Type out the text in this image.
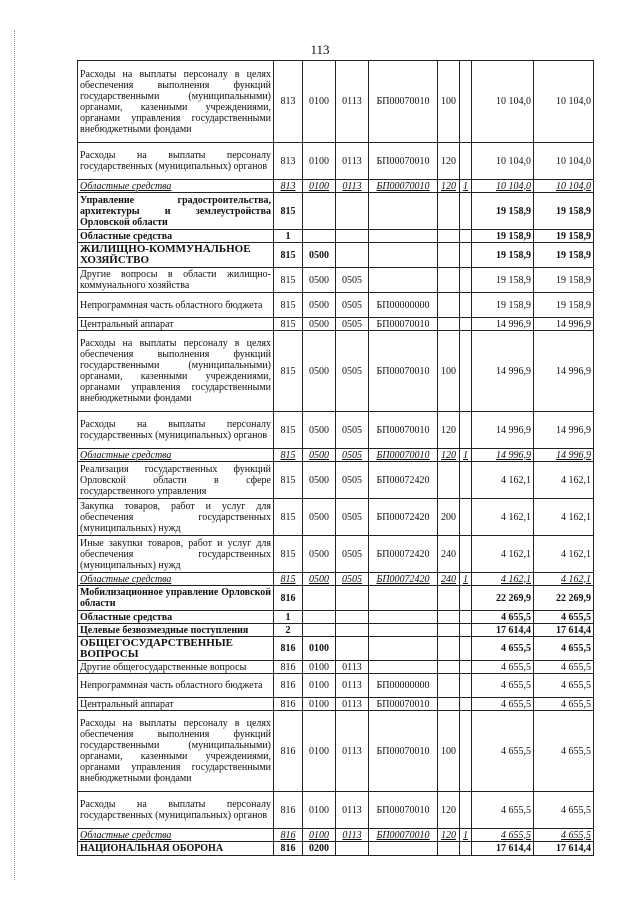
113
Расходы на выплаты персоналу в целях обеспечения выполнения функций государственными (муниципальными) органами, казенными учреждениями, органами управления государственными внебюджетными фондами	813	0100	0113	БП00070010	100		10 104,0	10 104,0
Расходы на выплаты персоналу государственных (муниципальных) органов	813	0100	0113	БП00070010	120		10 104,0	10 104,0
Областные средства	813	0100	0113	БП00070010	120	1	10 104,0	10 104,0
Управление градостроительства, архитектуры и землеустройства Орловской области	815						19 158,9	19 158,9
Областные средства	1						19 158,9	19 158,9
ЖИЛИЩНО-КОММУНАЛЬНОЕ ХОЗЯЙСТВО	815	0500					19 158,9	19 158,9
Другие вопросы в области жилищно-коммунального хозяйства	815	0500	0505				19 158,9	19 158,9
Непрограммная часть областного бюджета	815	0500	0505	БП00000000			19 158,9	19 158,9
Центральный аппарат	815	0500	0505	БП00070010			14 996,9	14 996,9
Расходы на выплаты персоналу в целях обеспечения выполнения функций государственными (муниципальными) органами, казенными учреждениями, органами управления государственными внебюджетными фондами	815	0500	0505	БП00070010	100		14 996,9	14 996,9
Расходы на выплаты персоналу государственных (муниципальных) органов	815	0500	0505	БП00070010	120		14 996,9	14 996,9
Областные средства	815	0500	0505	БП00070010	120	1	14 996,9	14 996,9
Реализация государственных функций Орловской области в сфере государственного управления	815	0500	0505	БП00072420			4 162,1	4 162,1
Закупка товаров, работ и услуг для обеспечения государственных (муниципальных) нужд	815	0500	0505	БП00072420	200		4 162,1	4 162,1
Иные закупки товаров, работ и услуг для обеспечения государственных (муниципальных) нужд	815	0500	0505	БП00072420	240		4 162,1	4 162,1
Областные средства	815	0500	0505	БП00072420	240	1	4 162,1	4 162,1
Мобилизационное управление Орловской области	816						22 269,9	22 269,9
Областные средства	1						4 655,5	4 655,5
Целевые безвозмездные поступления	2						17 614,4	17 614,4
ОБЩЕГОСУДАРСТВЕННЫЕ ВОПРОСЫ	816	0100					4 655,5	4 655,5
Другие общегосударственные вопросы	816	0100	0113				4 655,5	4 655,5
Непрограммная часть областного бюджета	816	0100	0113	БП00000000			4 655,5	4 655,5
Центральный аппарат	816	0100	0113	БП00070010			4 655,5	4 655,5
Расходы на выплаты персоналу в целях обеспечения выполнения функций государственными (муниципальными) органами, казенными учреждениями, органами управления государственными внебюджетными фондами	816	0100	0113	БП00070010	100		4 655,5	4 655,5
Расходы на выплаты персоналу государственных (муниципальных) органов	816	0100	0113	БП00070010	120		4 655,5	4 655,5
Областные средства	816	0100	0113	БП00070010	120	1	4 655,5	4 655,5
НАЦИОНАЛЬНАЯ ОБОРОНА	816	0200					17 614,4	17 614,4
